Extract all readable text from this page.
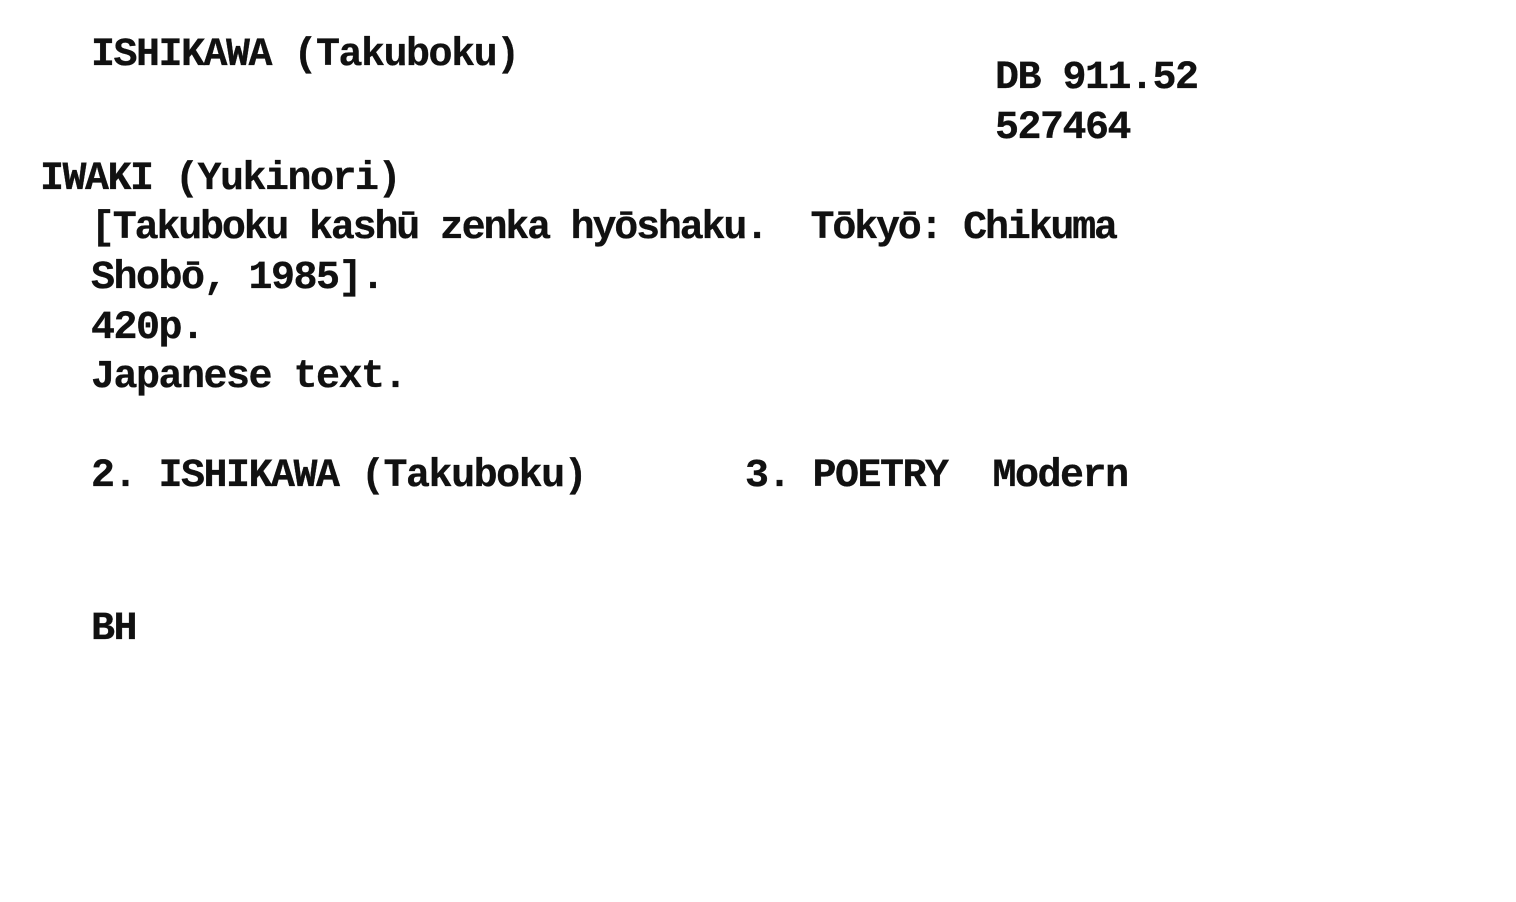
ISHIKAWA (Takuboku)
DB 911.52
527464
IWAKI (Yukinori)
[Takuboku kashū zenka hyōshaku.  Tōkyō: Chikuma
Shobō, 1985].
420p.
Japanese text.
2. ISHIKAWA (Takuboku)	3. POETRY  Modern
BH
